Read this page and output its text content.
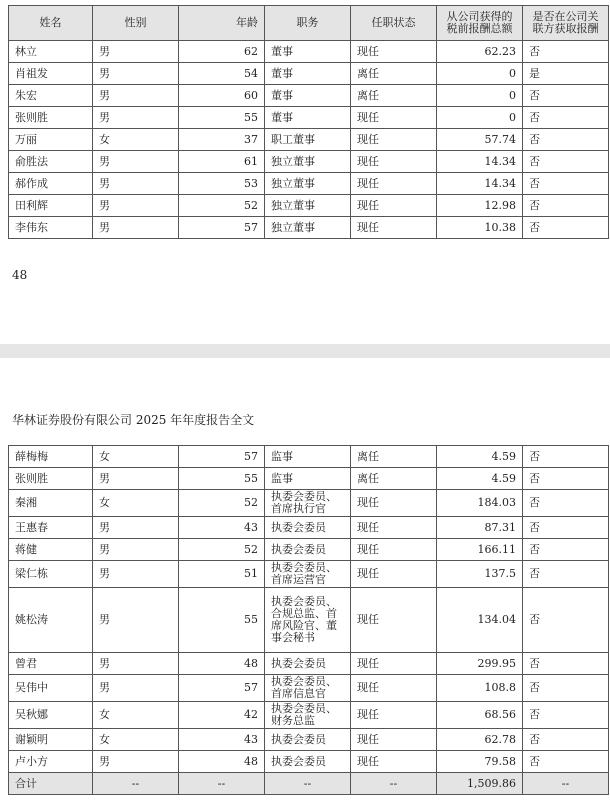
姓名	性别	年龄	职务	任职状态	从公司获得的税前报酬总额	是否在公司关联方获取报酬
林立	男	62	董事	现任	62.23	否
肖祖发	男	54	董事	离任	0	是
朱宏	男	60	董事	离任	0	否
张则胜	男	55	董事	现任	0	否
万丽	女	37	职工董事	现任	57.74	否
俞胜法	男	61	独立董事	现任	14.34	否
郝作成	男	53	独立董事	现任	14.34	否
田利辉	男	52	独立董事	现任	12.98	否
李伟东	男	57	独立董事	现任	10.38	否
48
华林证券股份有限公司 2025 年年度报告全文
薛梅梅	女	57	监事	离任	4.59	否
张则胜	男	55	监事	离任	4.59	否
秦湘	女	52	执委会委员、首席执行官	现任	184.03	否
王惠春	男	43	执委会委员	现任	87.31	否
蒋健	男	52	执委会委员	现任	166.11	否
梁仁栋	男	51	执委会委员、首席运营官	现任	137.5	否
姚松涛	男	55	执委会委员、合规总监、首席风险官、董事会秘书	现任	134.04	否
曾君	男	48	执委会委员	现任	299.95	否
吴伟中	男	57	执委会委员、首席信息官	现任	108.8	否
吴秋娜	女	42	执委会委员、财务总监	现任	68.56	否
谢颖明	女	43	执委会委员	现任	62.78	否
卢小方	男	48	执委会委员	现任	79.58	否
合计	--	--	--	--	1,509.86	--
